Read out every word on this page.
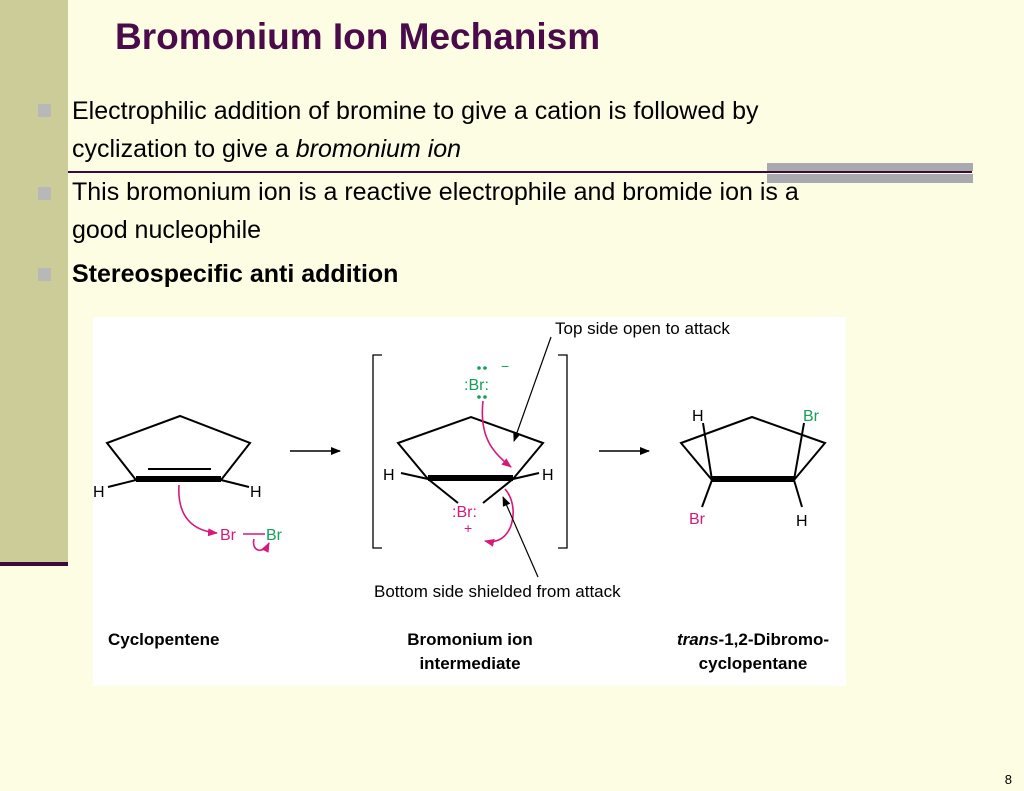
Bromonium Ion Mechanism
Electrophilic addition of bromine to give a cation is followed by
cyclization to give a bromonium ion
This bromonium ion is a reactive electrophile and bromide ion is a
good nucleophile
Stereospecific anti addition
H	H
Br Br
H	H
:Br:
+
:Br:
−
H	Br
Br	H
Top side open to attack
Bottom side shielded from attack
Cyclopentene	Bromonium ion
intermediate
trans-1,2-Dibromo-
cyclopentane
8
